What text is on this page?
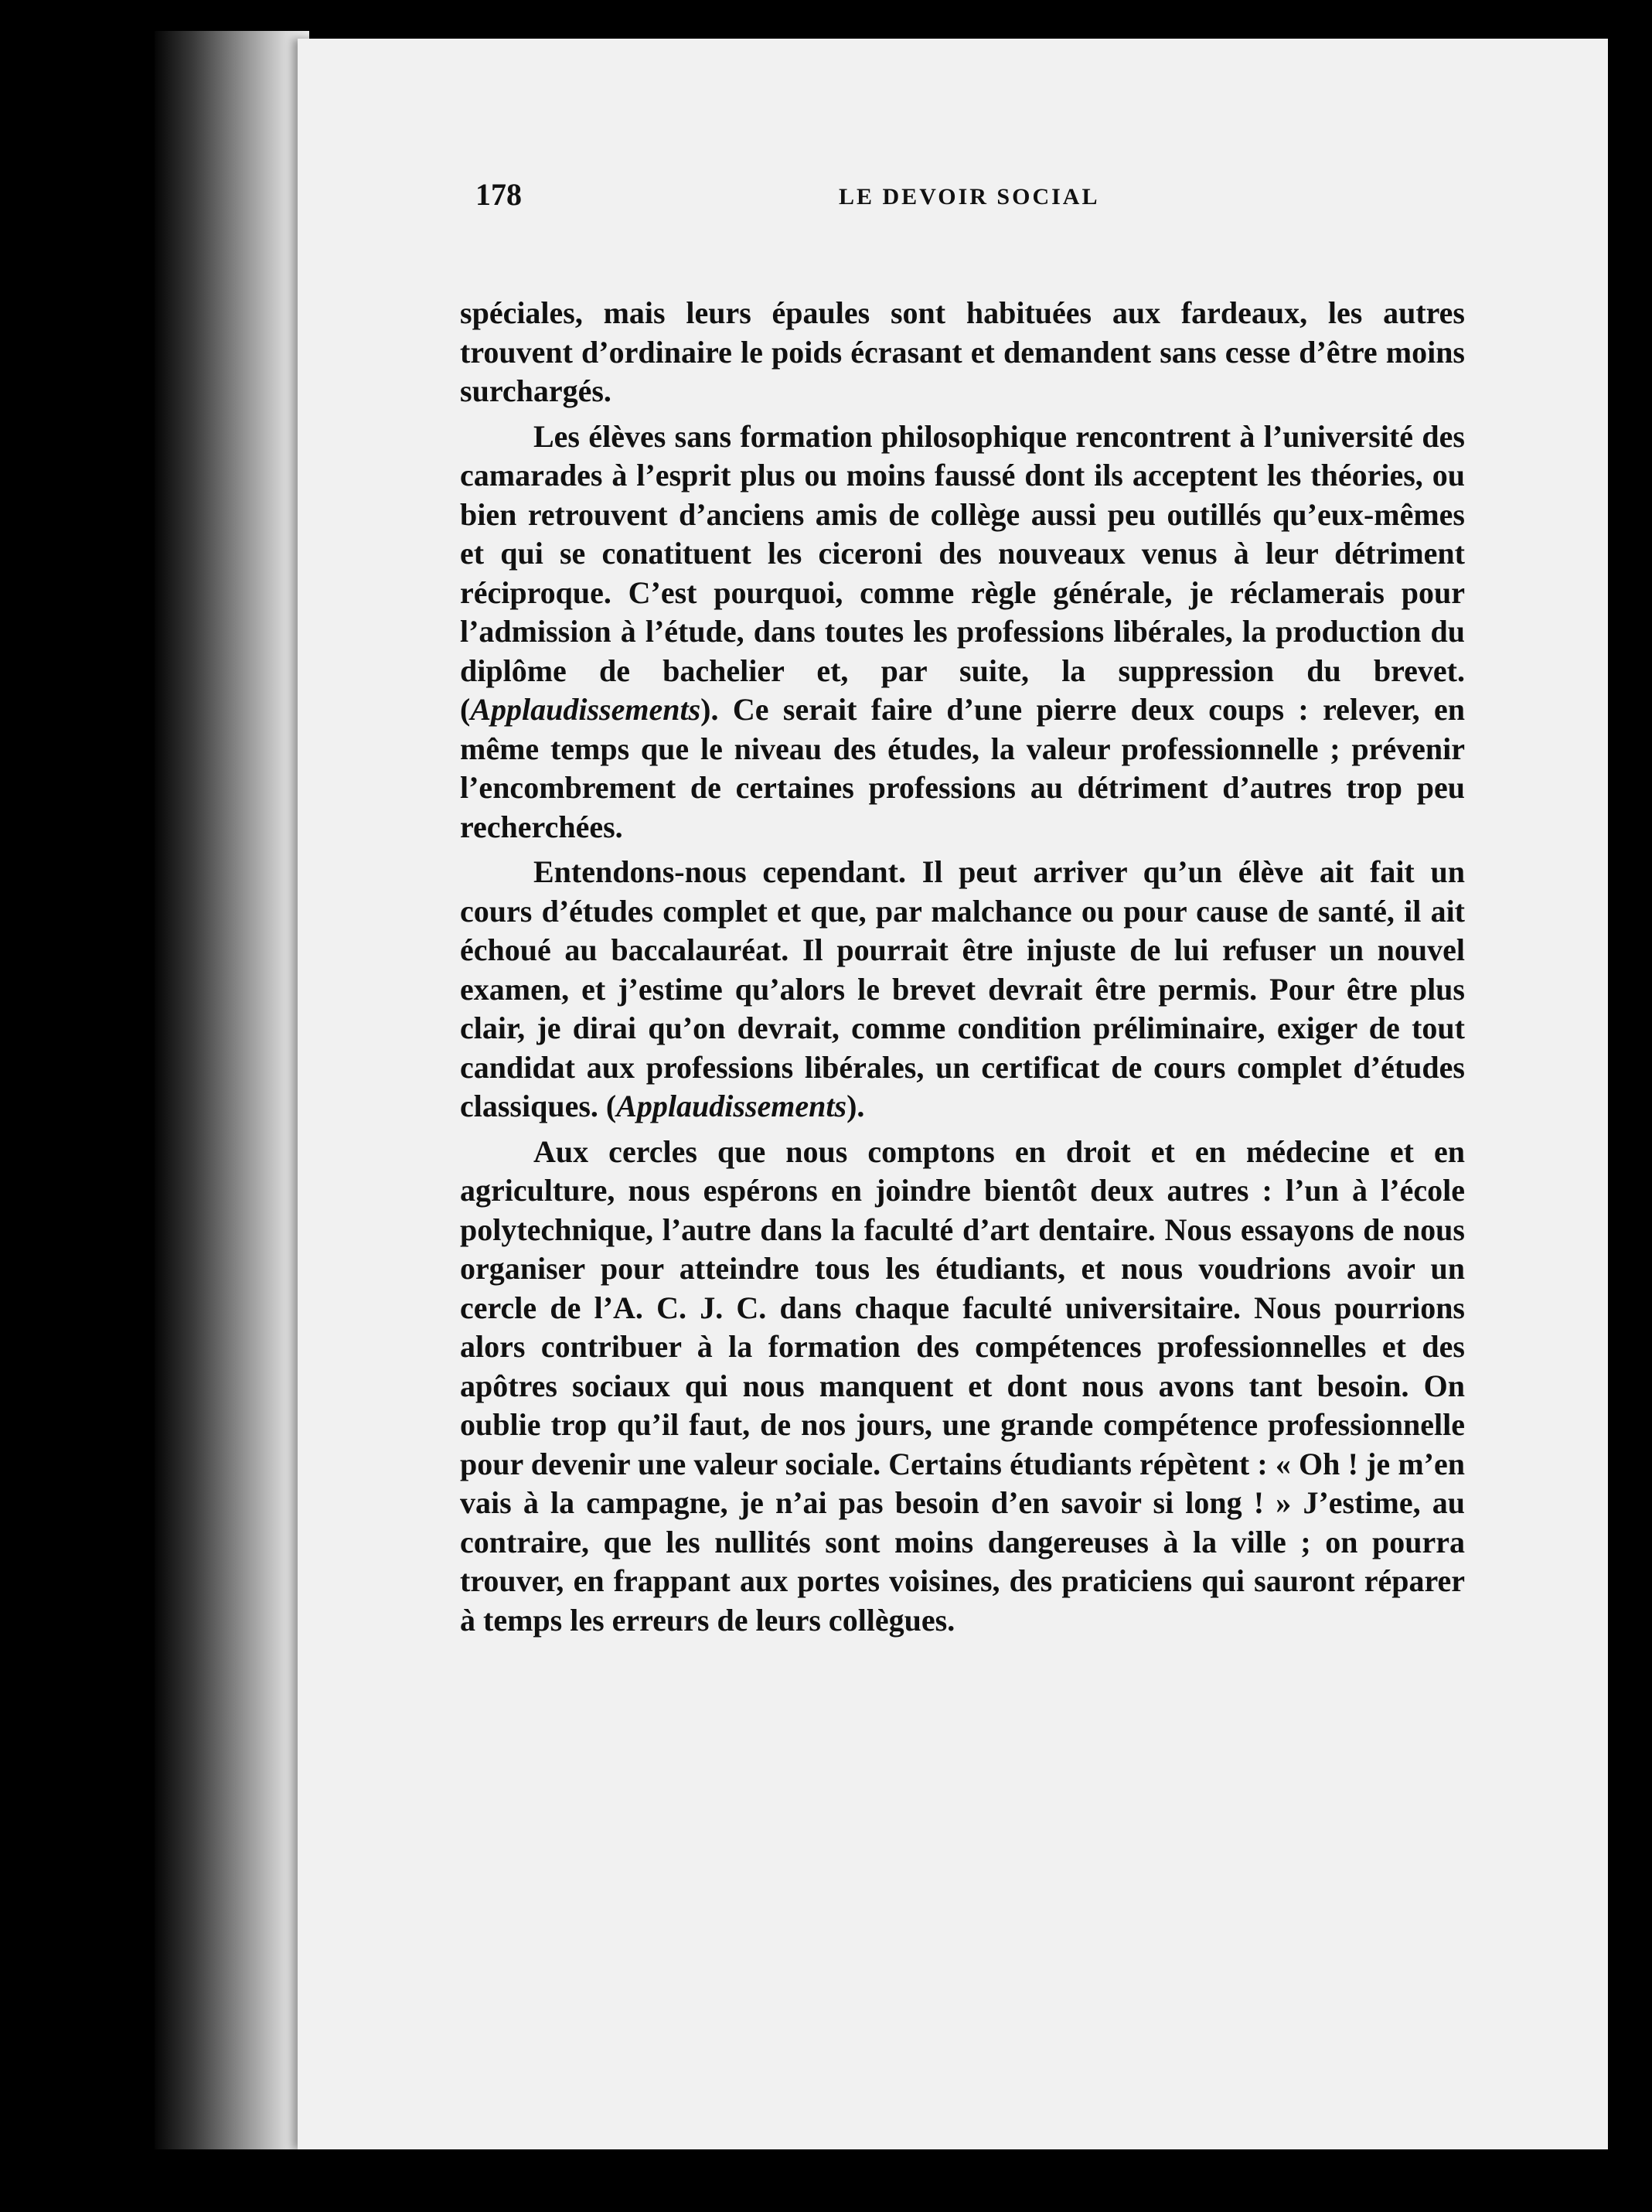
178	LE DEVOIR SOCIAL

spéciales, mais leurs épaules sont habituées aux fardeaux, les autres trouvent d’ordinaire le poids écrasant et demandent sans cesse d’être moins surchargés.

Les élèves sans formation philosophique rencontrent à l’université des camarades à l’esprit plus ou moins faussé dont ils acceptent les théories, ou bien retrouvent d’anciens amis de collège aussi peu outillés qu’eux-mêmes et qui se conatituent les ciceroni des nouveaux venus à leur détriment réciproque. C’est pourquoi, comme règle générale, je réclamerais pour l’admission à l’étude, dans toutes les professions libérales, la production du diplôme de bachelier et, par suite, la suppression du brevet. (Applaudissements). Ce serait faire d’une pierre deux coups : relever, en même temps que le niveau des études, la valeur professionnelle ; prévenir l’encombrement de certaines professions au détriment d’autres trop peu recherchées.

Entendons-nous cependant. Il peut arriver qu’un élève ait fait un cours d’études complet et que, par malchance ou pour cause de santé, il ait échoué au baccalauréat. Il pourrait être injuste de lui refuser un nouvel examen, et j’estime qu’alors le brevet devrait être permis. Pour être plus clair, je dirai qu’on devrait, comme condition préliminaire, exiger de tout candidat aux professions libérales, un certificat de cours complet d’études classiques. (Applaudissements).

Aux cercles que nous comptons en droit et en médecine et en agriculture, nous espérons en joindre bientôt deux autres : l’un à l’école polytechnique, l’autre dans la faculté d’art dentaire. Nous essayons de nous organiser pour atteindre tous les étudiants, et nous voudrions avoir un cercle de l’A. C. J. C. dans chaque faculté universitaire. Nous pourrions alors contribuer à la formation des compétences professionnelles et des apôtres sociaux qui nous manquent et dont nous avons tant besoin. On oublie trop qu’il faut, de nos jours, une grande compétence professionnelle pour devenir une valeur sociale. Certains étudiants répètent : « Oh ! je m’en vais à la campagne, je n’ai pas besoin d’en savoir si long ! » J’estime, au contraire, que les nullités sont moins dangereuses à la ville ; on pourra trouver, en frappant aux portes voisines, des praticiens qui sauront réparer à temps les erreurs de leurs collègues.
